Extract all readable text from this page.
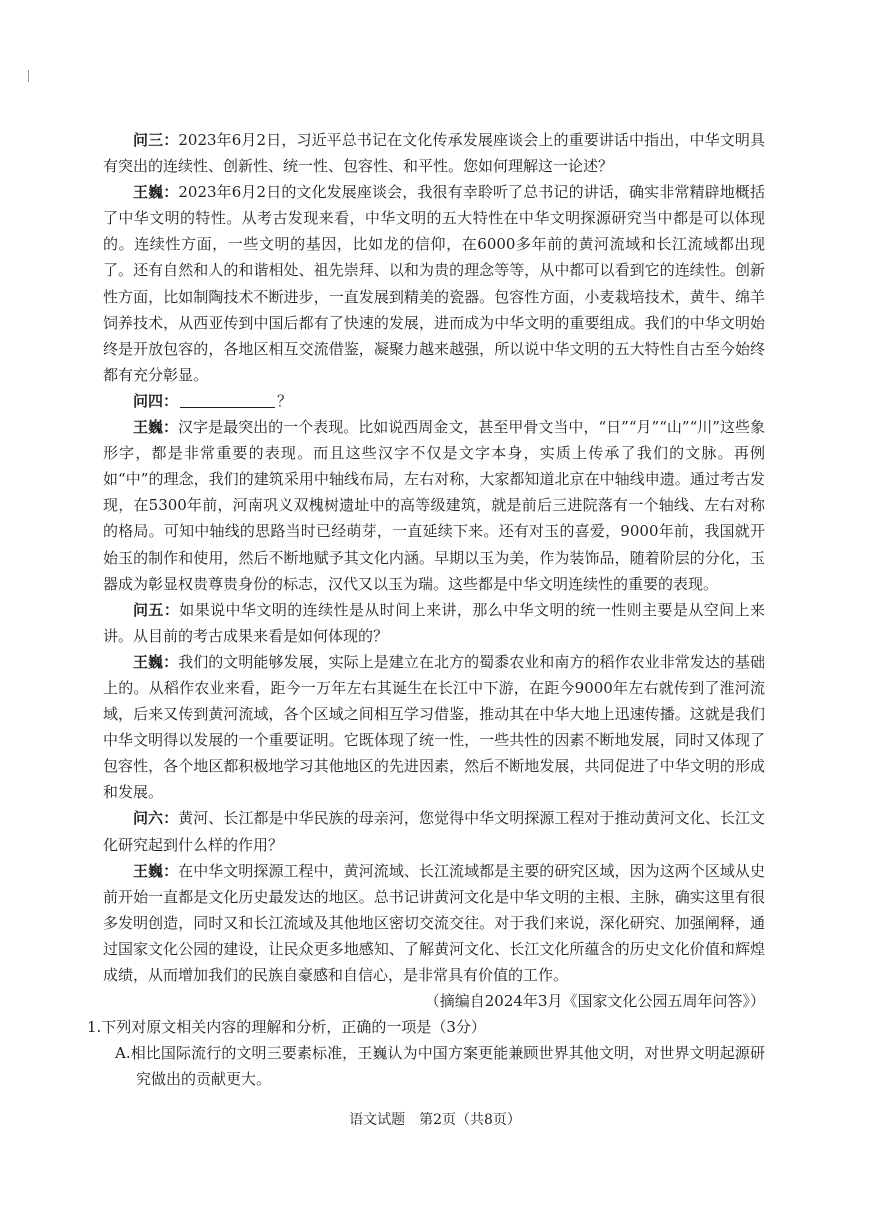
问三：2023年6月2日，习近平总书记在文化传承发展座谈会上的重要讲话中指出，中华文明具有突出的连续性、创新性、统一性、包容性、和平性。您如何理解这一论述？

王巍：2023年6月2日的文化发展座谈会，我很有幸聆听了总书记的讲话，确实非常精辟地概括了中华文明的特性。从考古发现来看，中华文明的五大特性在中华文明探源研究当中都是可以体现的。连续性方面，一些文明的基因，比如龙的信仰，在6000多年前的黄河流域和长江流域都出现了。还有自然和人的和谐相处、祖先崇拜、以和为贵的理念等等，从中都可以看到它的连续性。创新性方面，比如制陶技术不断进步，一直发展到精美的瓷器。包容性方面，小麦栽培技术，黄牛、绵羊饲养技术，从西亚传到中国后都有了快速的发展，进而成为中华文明的重要组成。我们的中华文明始终是开放包容的，各地区相互交流借鉴，凝聚力越来越强，所以说中华文明的五大特性自古至今始终都有充分彰显。

问四：	？

王巍：汉字是最突出的一个表现。比如说西周金文，甚至甲骨文当中，“日”“月”“山”“川”这些象形字，都是非常重要的表现。而且这些汉字不仅是文字本身，实质上传承了我们的文脉。再例如“中”的理念，我们的建筑采用中轴线布局，左右对称，大家都知道北京在中轴线申遗。通过考古发现，在5300年前，河南巩义双槐树遗址中的高等级建筑，就是前后三进院落有一个轴线、左右对称的格局。可知中轴线的思路当时已经萌芽，一直延续下来。还有对玉的喜爱，9000年前，我国就开始玉的制作和使用，然后不断地赋予其文化内涵。早期以玉为美，作为装饰品，随着阶层的分化，玉器成为彰显权贵尊贵身份的标志，汉代又以玉为瑞。这些都是中华文明连续性的重要的表现。

问五：如果说中华文明的连续性是从时间上来讲，那么中华文明的统一性则主要是从空间上来讲。从目前的考古成果来看是如何体现的？

王巍：我们的文明能够发展，实际上是建立在北方的蜀黍农业和南方的稻作农业非常发达的基础上的。从稻作农业来看，距今一万年左右其诞生在长江中下游，在距今9000年左右就传到了淮河流域，后来又传到黄河流域，各个区域之间相互学习借鉴，推动其在中华大地上迅速传播。这就是我们中华文明得以发展的一个重要证明。它既体现了统一性，一些共性的因素不断地发展，同时又体现了包容性，各个地区都积极地学习其他地区的先进因素，然后不断地发展，共同促进了中华文明的形成和发展。

问六：黄河、长江都是中华民族的母亲河，您觉得中华文明探源工程对于推动黄河文化、长江文化研究起到什么样的作用？

王巍：在中华文明探源工程中，黄河流域、长江流域都是主要的研究区域，因为这两个区域从史前开始一直都是文化历史最发达的地区。总书记讲黄河文化是中华文明的主根、主脉，确实这里有很多发明创造，同时又和长江流域及其他地区密切交流交往。对于我们来说，深化研究、加强阐释，通过国家文化公园的建设，让民众更多地感知、了解黄河文化、长江文化所蕴含的历史文化价值和辉煌成绩，从而增加我们的民族自豪感和自信心，是非常具有价值的工作。

（摘编自2024年3月《国家文化公园五周年问答》）

1.下列对原文相关内容的理解和分析，正确的一项是（3分）

A.相比国际流行的文明三要素标准，王巍认为中国方案更能兼顾世界其他文明，对世界文明起源研究做出的贡献更大。

语文试题　第2页（共8页）
